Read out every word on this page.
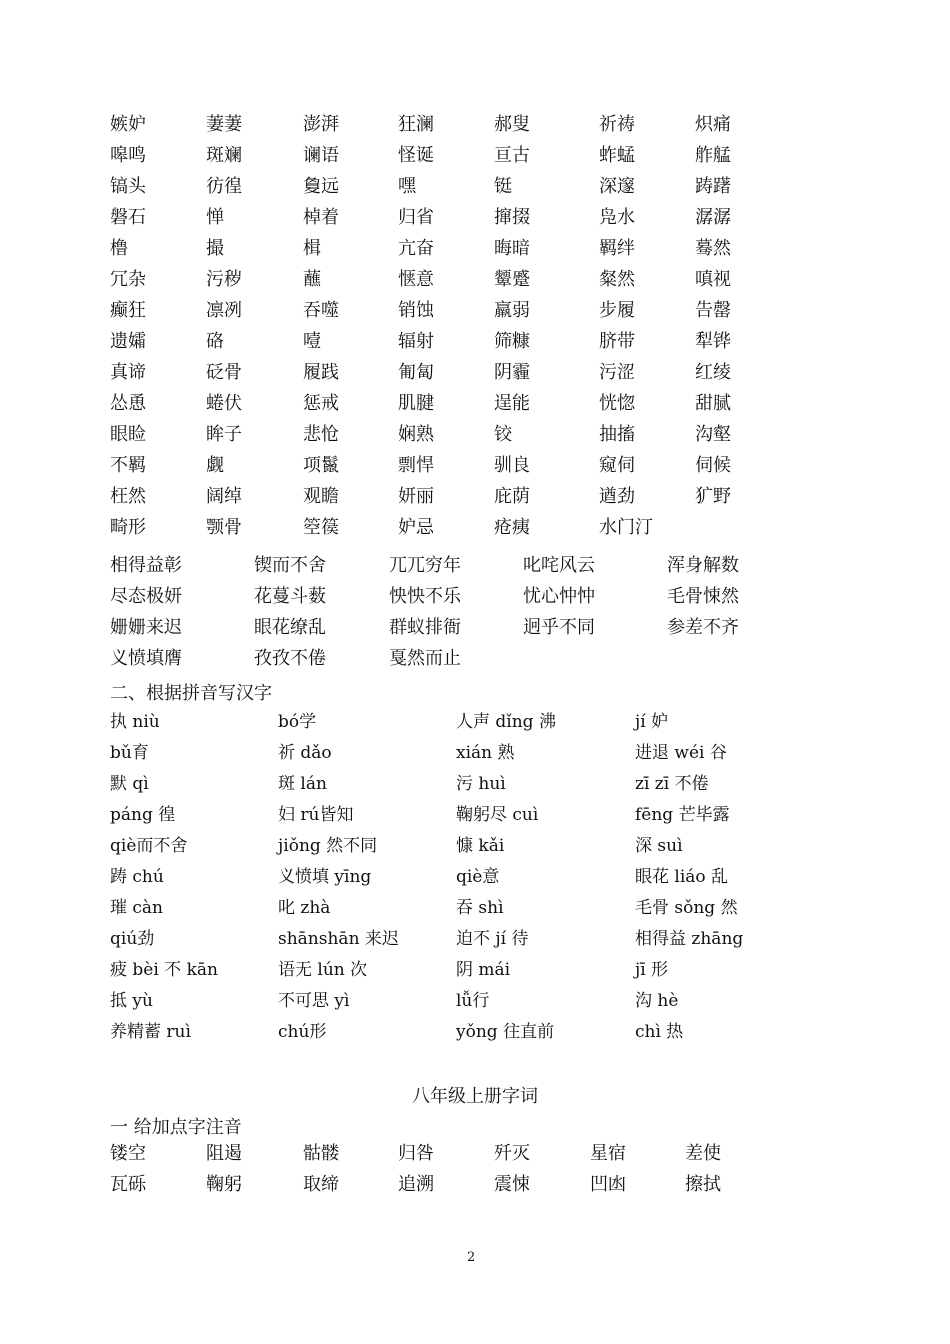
嫉妒	萋萋	澎湃	狂澜	郝叟	祈祷	炽痛
嗥鸣	斑斓	谰语	怪诞	亘古	蚱蜢	舴艋
镐头	彷徨	敻远	嘿	铤	深邃	踌躇
磐石	惮	棹着	归省	撺掇	凫水	潺潺
橹	撮	楫	亢奋	晦暗	羁绊	蓦然
冗杂	污秽	蘸	惬意	颦蹙	粲然	嗔视
癫狂	凛冽	吞噬	销蚀	羸弱	步履	告罄
遗孀	硌	噎	辐射	筛糠	脐带	犁铧
真谛	砭骨	履践	匍匐	阴霾	污涩	红绫
怂恿	蜷伏	惩戒	肌腱	逞能	恍惚	甜腻
眼睑	眸子	悲怆	娴熟	铰	抽搐	沟壑
不羁	觑	项鬣	剽悍	驯良	窥伺	伺候
枉然	阔绰	观瞻	妍丽	庇荫	遒劲	犷野
畸形	颚骨	箜篌	妒忌	疮痍	水门汀
相得益彰	锲而不舍	兀兀穷年	叱咤风云	浑身解数
尽态极妍	花蔓斗薮	怏怏不乐	忧心忡忡	毛骨悚然
姗姗来迟	眼花缭乱	群蚁排衙	迥乎不同	参差不齐
义愤填膺	孜孜不倦	戛然而止
二、根据拼音写汉字
执 niù	bó学	人声 dǐng 沸	jí 妒
bǔ育	祈 dǎo	xián 熟	进退 wéi 谷
默 qì	斑 lán	污 huì	zī zī 不倦
páng 徨	妇 rú皆知	鞠躬尽 cuì	fēng 芒毕露
qiè而不舍	jiǒng 然不同	慷 kǎi	深 suì
踌 chú	义愤填 yīng	qiè意	眼花 liáo 乱
璀 càn	叱 zhà	吞 shì	毛骨 sǒng 然
qiú劲	shānshān 来迟	迫不 jí 待	相得益 zhāng
疲 bèi 不 kān	语无 lún 次	阴 mái	jī 形
抵 yù	不可思 yì	lǚ行	沟 hè
养精蓄 ruì	chú形	yǒng 往直前	chì 热
八年级上册字词
一 给加点字注音
镂空	阻遏	骷髅	归咎	歼灭	星宿	差使
瓦砾	鞠躬	取缔	追溯	震悚	凹凼	擦拭
2
